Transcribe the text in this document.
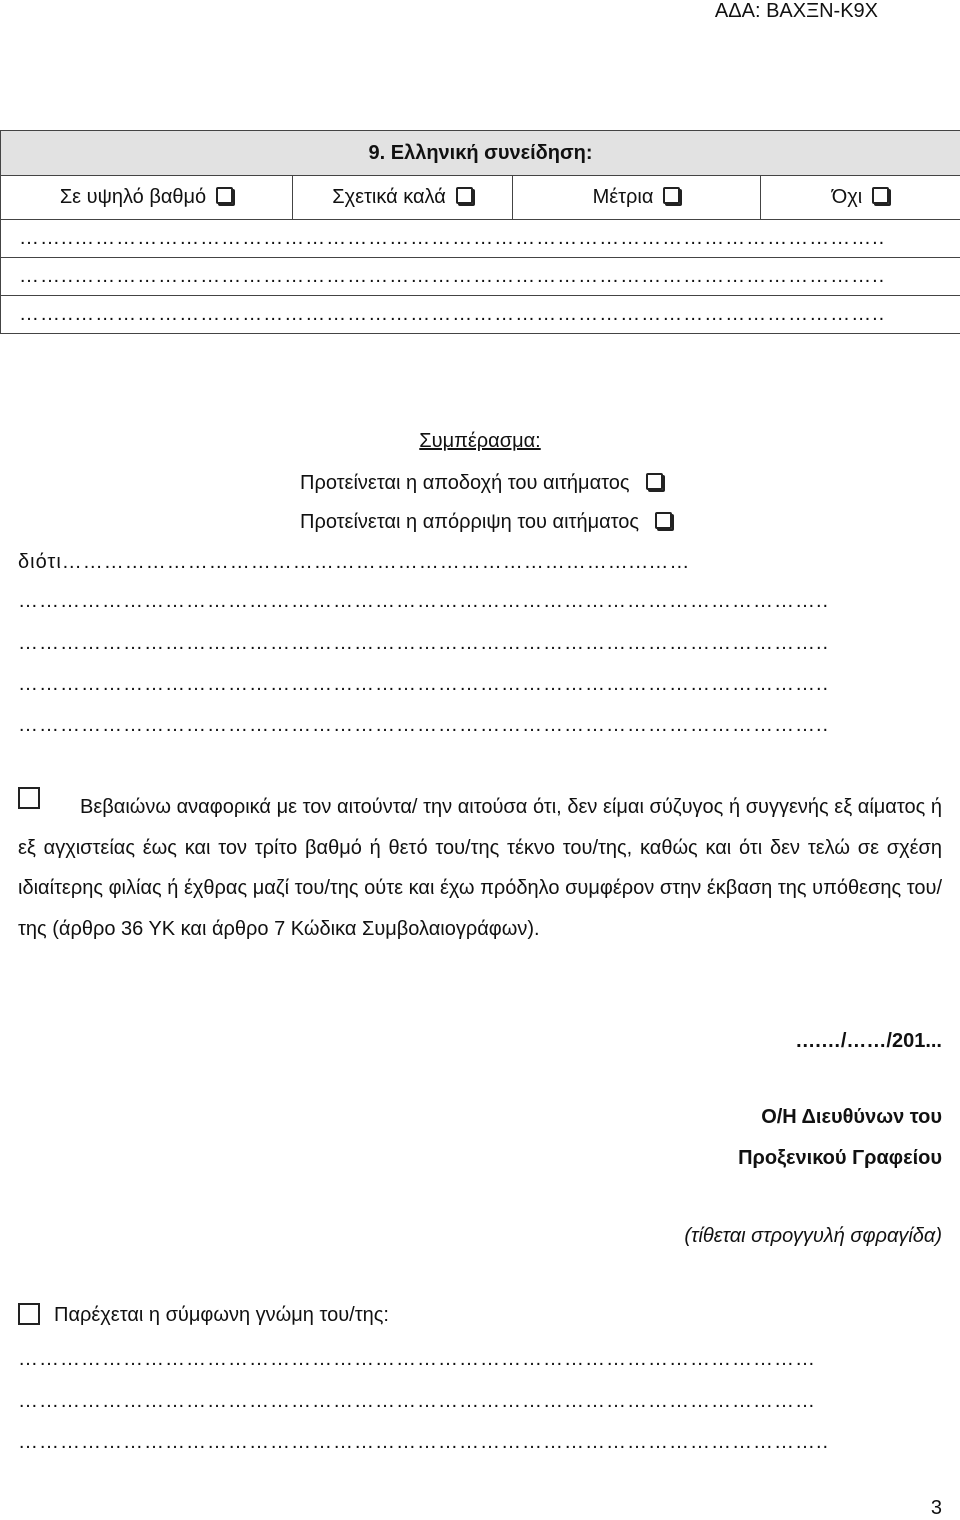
ΑΔΑ: ΒΑΧΞΝ-Κ9Χ
9. Ελληνική συνείδηση:
Σε υψηλό βαθμό	Σχετικά καλά	Μέτρια	Όχι
……..……………………………………………………………………………………………………..
……..……………………………………………………………………………………………………..
……..……………………………………………………………………………………………………..
Συμπέρασμα:
Προτείνεται η αποδοχή του αιτήματος
Προτείνεται η απόρριψη του αιτήματος
διότι………………………………………………………………………...……
……………………………………………………………………………………………………..
……………………………………………………………………………………………………..
……………………………………………………………………………………………………..
……………………………………………………………………………………………………..
Βεβαιώνω αναφορικά με τον αιτούντα/ την αιτούσα ότι, δεν είμαι σύζυγος ή συγγενής εξ αίματος ή εξ αγχιστείας έως και τον τρίτο βαθμό ή θετό του/της τέκνο του/της, καθώς και ότι δεν τελώ σε σχέση ιδιαίτερης φιλίας ή έχθρας μαζί του/της ούτε και έχω πρόδηλο συμφέρον στην έκβαση της υπόθεσης του/της (άρθρο 36 ΥΚ και άρθρο 7 Κώδικα Συμβολαιογράφων).
….…/……/201...
Ο/Η Διευθύνων του
Προξενικού Γραφείου
(τίθεται στρογγυλή σφραγίδα)
Παρέχεται η σύμφωνη γνώμη του/της:
……………………………………………………………………………………………………
……………………………………………………………………………………………………
……………………………………………………………………………………………………..
3
